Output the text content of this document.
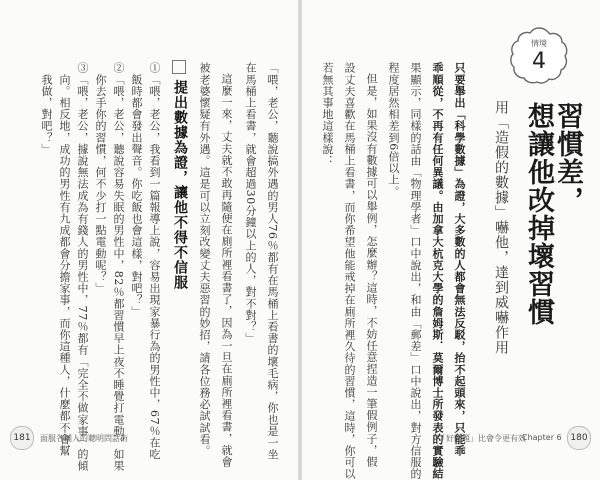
情境
4
習慣差，
想讓他改掉壞習慣
用「造假的數據」嚇他，達到威嚇作用
只要舉出「科學數據」為證，大多數的人都會無法反駁，抬不起頭來，只能乖
乖順從，不再有任何異議。由加拿大杭克大學的詹姆斯．莫爾博士所發表的實驗結
果顯示，同樣的話由「物理學者」口中說出，和由「郵差」口中說出，對方信服的
程度居然相差到6倍以上。
但是，如果沒有數據可以舉例，怎麼辦？這時，不妨任意捏造一筆假例子，假
設丈夫喜歡在馬桶上看書，而你希望他能戒掉在廁所裡久待的習慣，這時，你可以
若無其事地這樣說：
「好問題」比會令更有效
Chapter 6 180
「喂，老公，聽說搞外遇的男人76％都有在馬桶上看書的壞毛病，你也是一坐
在馬桶上看書，就會超過30分鐘以上的人，對不對？」
這麼一來，丈夫就不敢再隨便在廁所裡看書了，因為一旦在廁所裡看書，就會
被老婆懷疑有外遇。這是可以立刻改變丈夫惡習的妙招，請各位務必試試看。
提出數據為證，讓他不得不信服
①「喂，老公，我看到一篇報導上說，容易出現家暴行為的男性中，67％在吃
　飯時都會發出聲音。你吃飯也會這樣，對吧？」
②「喂，老公，聽說容易失眠的男性中，82％都習慣早上夜不睡覺打電動。如果
　你去手你的習慣，何不少打一點電動呢？」
③「喂，老公，據說無法成為有錢人的男性中，77％都有「完全不做家事」的傾
　向。相反地，成功的男性有九成都會分擔家事，而你這種人，什麼都不會幫
　我做，對吧？」
181	面服各種人的聰明問話術
